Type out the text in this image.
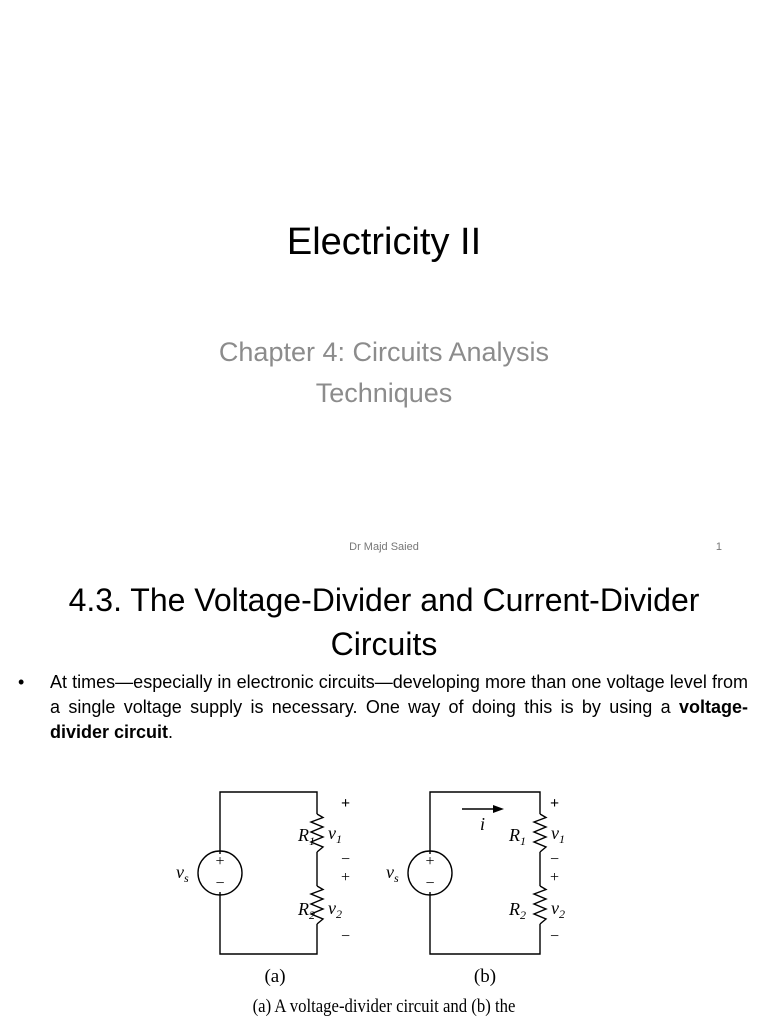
Electricity II
Chapter 4: Circuits Analysis
Techniques
Dr Majd Saied	1
4.3. The Voltage-Divider and Current-Divider
Circuits
• At times—especially in electronic circuits—developing more than one voltage level from a single voltage supply is necessary. One way of doing this is by using a voltage-divider circuit.
+
−
$v_s$
$R_1$
$R_2$
+
$v_1$
−
+
$v_2$
−
(a)
+
−
$v_s$
i
$R_1$
$R_2$
+
$v_1$
−
+
$v_2$
−
(b)
(a) A voltage-divider circuit and (b) the
